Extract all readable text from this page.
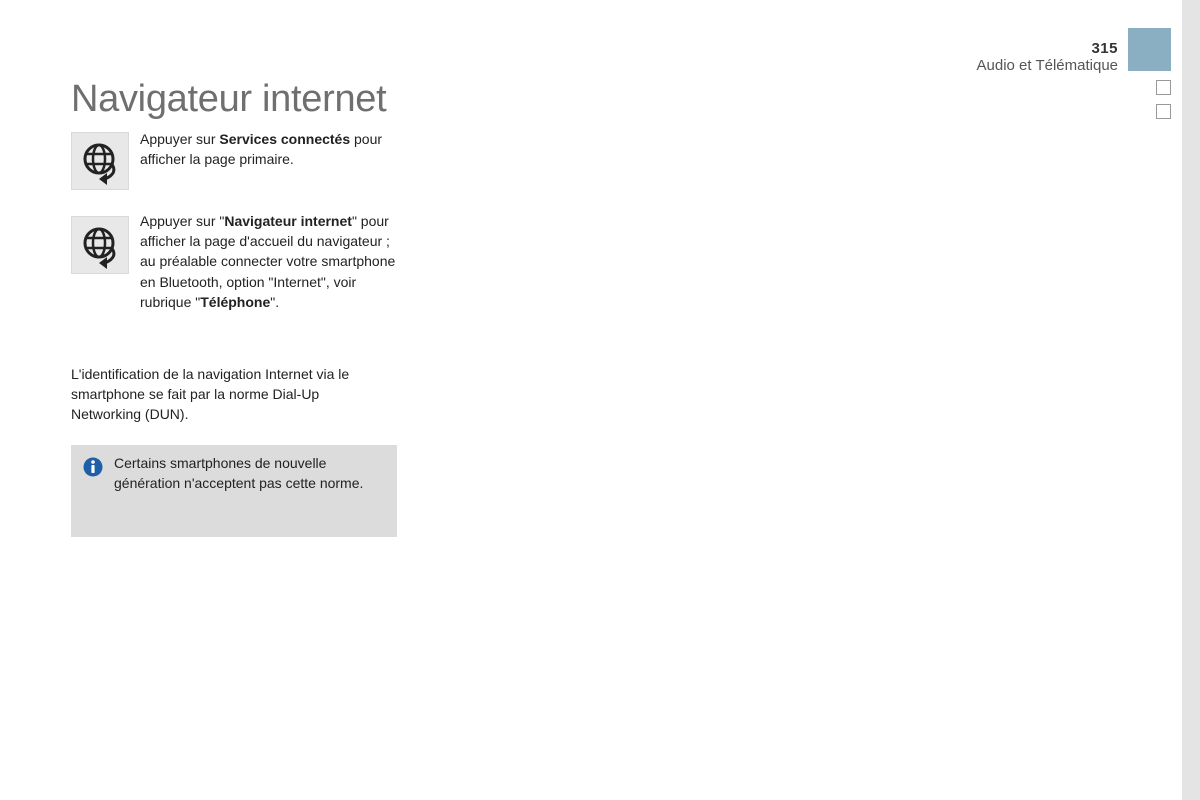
315
Audio et Télématique
Navigateur internet
Appuyer sur Services connectés pour afficher la page primaire.
Appuyer sur "Navigateur internet" pour afficher la page d'accueil du navigateur ; au préalable connecter votre smartphone en Bluetooth, option "Internet", voir rubrique "Téléphone".
L'identification de la navigation Internet via le smartphone se fait par la norme Dial-Up Networking (DUN).
Certains smartphones de nouvelle génération n'acceptent pas cette norme.
